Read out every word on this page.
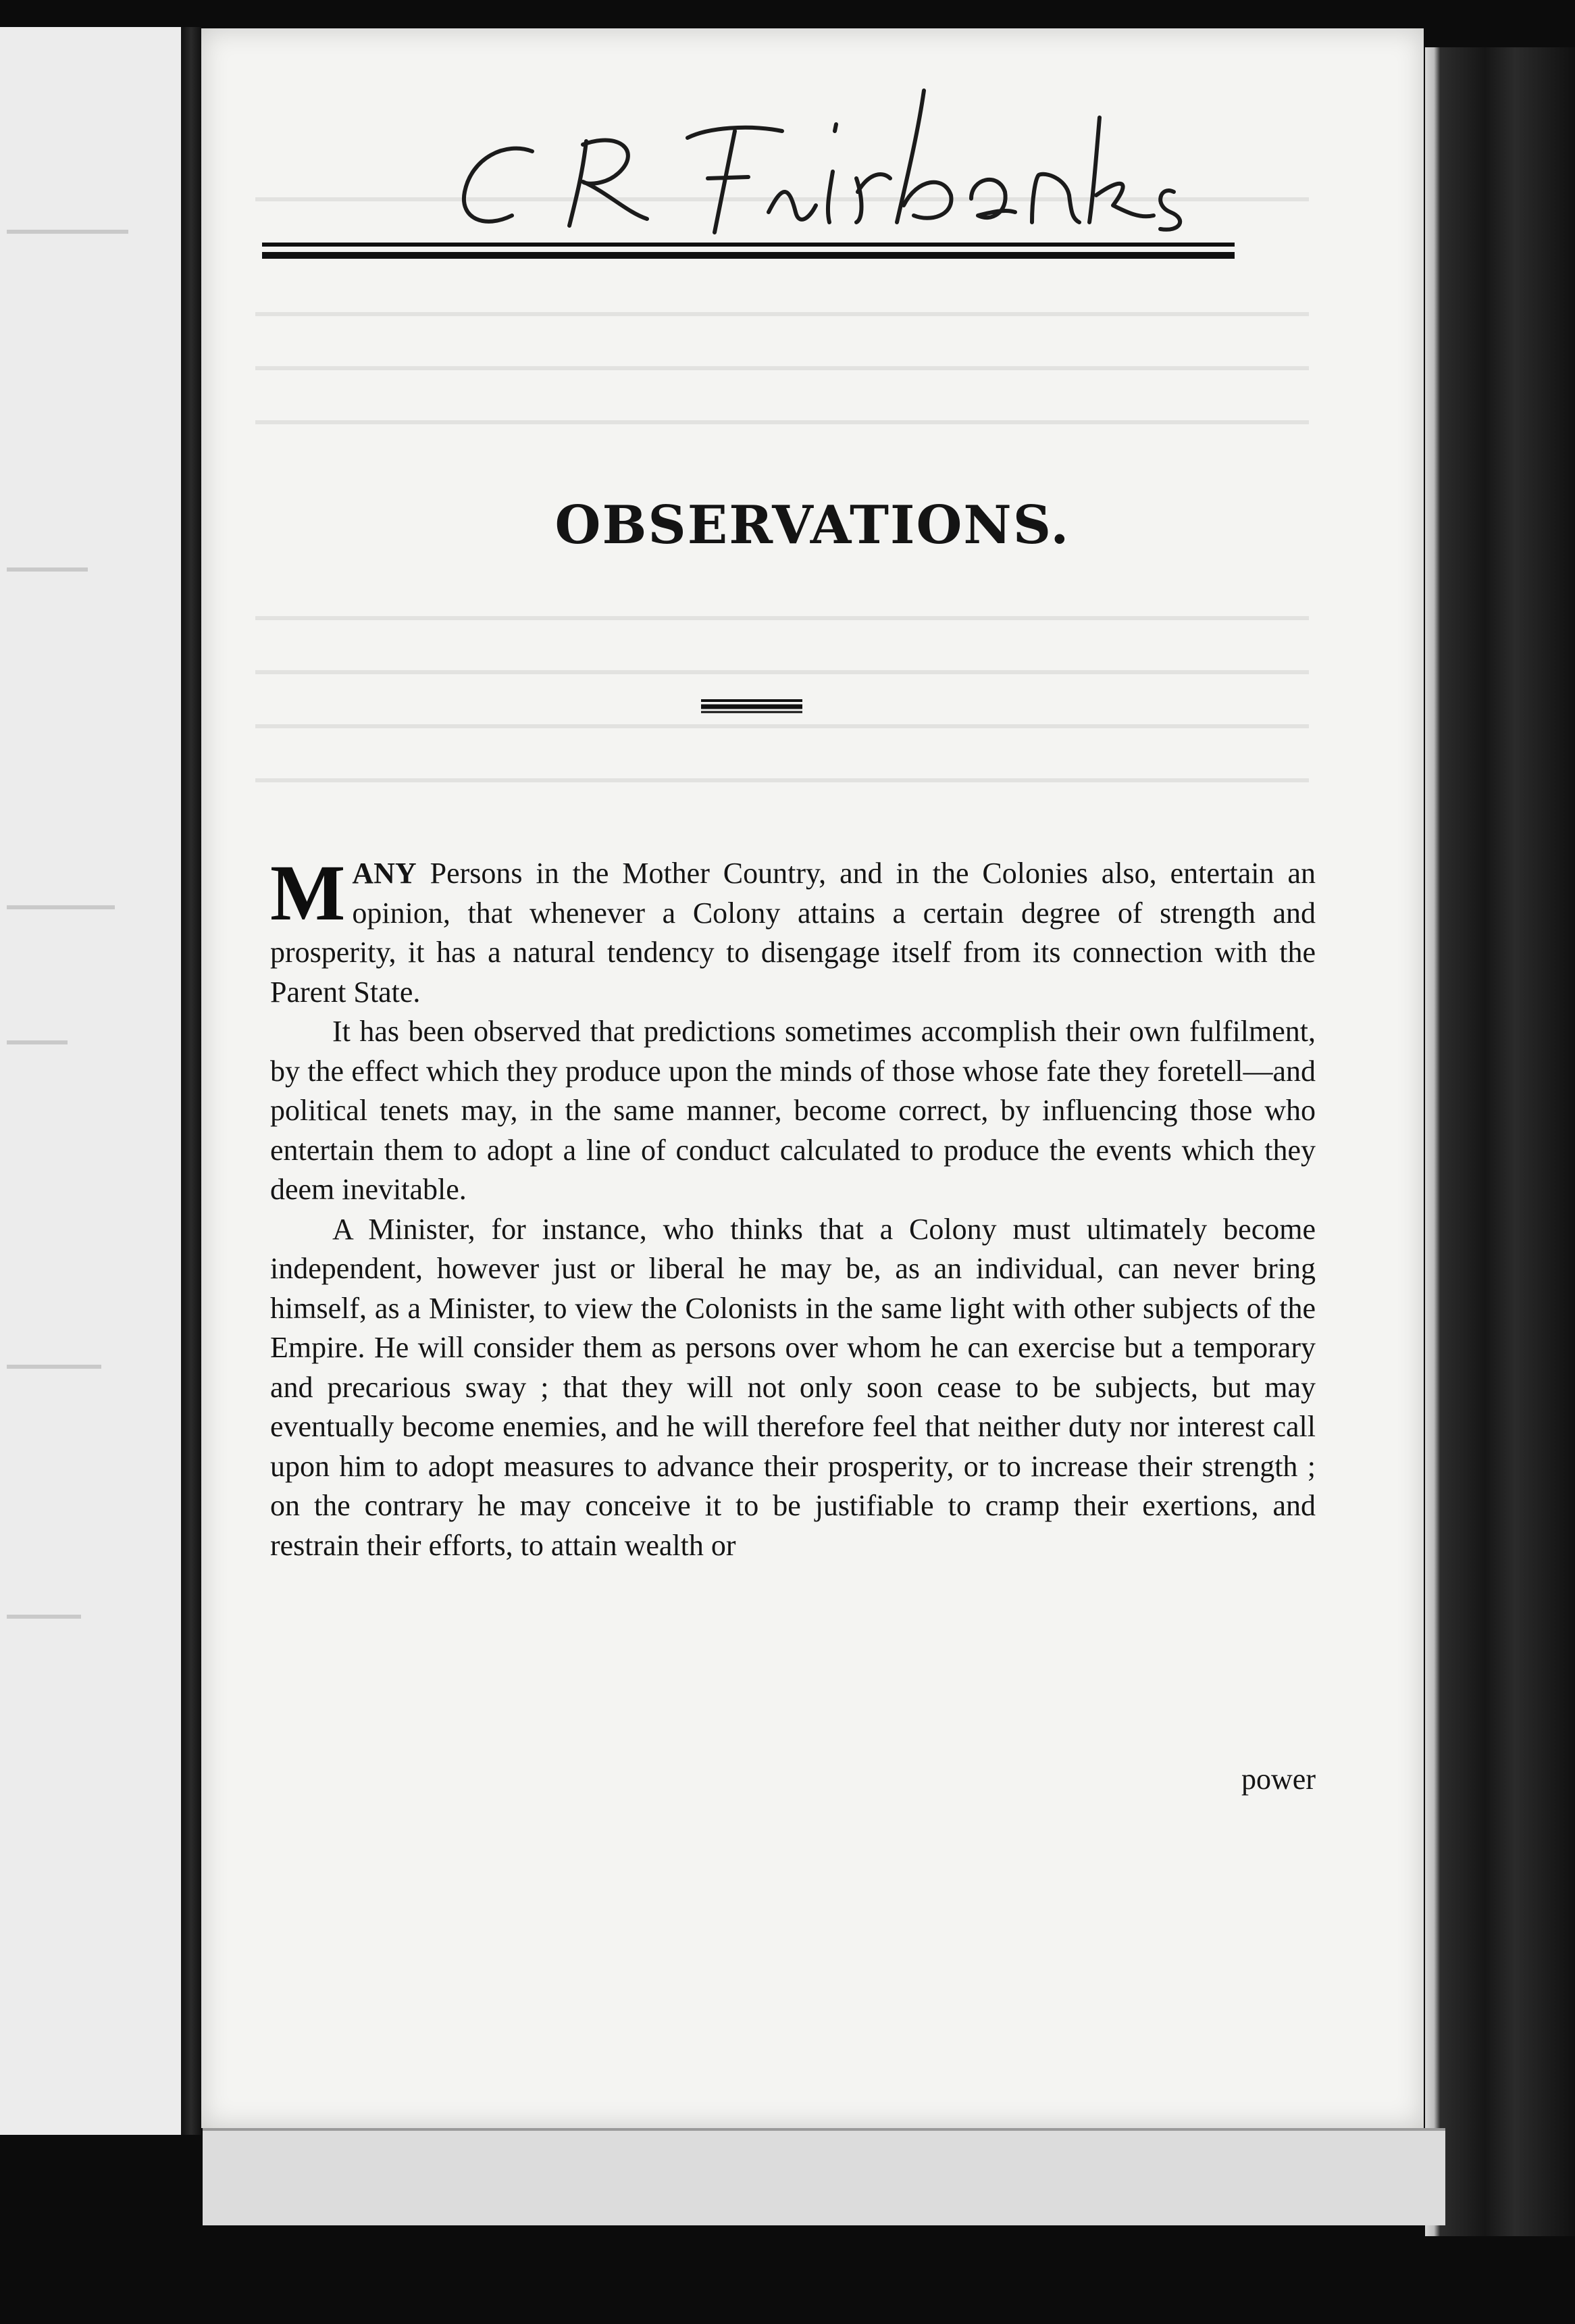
OBSERVATIONS.

MANY Persons in the Mother Country, and in the Colonies also, entertain an opinion, that whenever a Colony attains a certain degree of strength and prosperity, it has a natural tendency to disengage itself from its connection with the Parent State.

It has been observed that predictions sometimes accomplish their own fulfilment, by the effect which they produce upon the minds of those whose fate they foretell—and political tenets may, in the same manner, become correct, by influencing those who entertain them to adopt a line of conduct calculated to produce the events which they deem inevitable.

A Minister, for instance, who thinks that a Colony must ultimately become independent, however just or liberal he may be, as an individual, can never bring himself, as a Minister, to view the Colonists in the same light with other subjects of the Empire. He will consider them as persons over whom he can exercise but a temporary and precarious sway ; that they will not only soon cease to be subjects, but may eventually become enemies, and he will therefore feel that neither duty nor interest call upon him to adopt measures to advance their prosperity, or to increase their strength ; on the contrary he may conceive it to be justifiable to cramp their exertions, and restrain their efforts, to attain wealth or

power
